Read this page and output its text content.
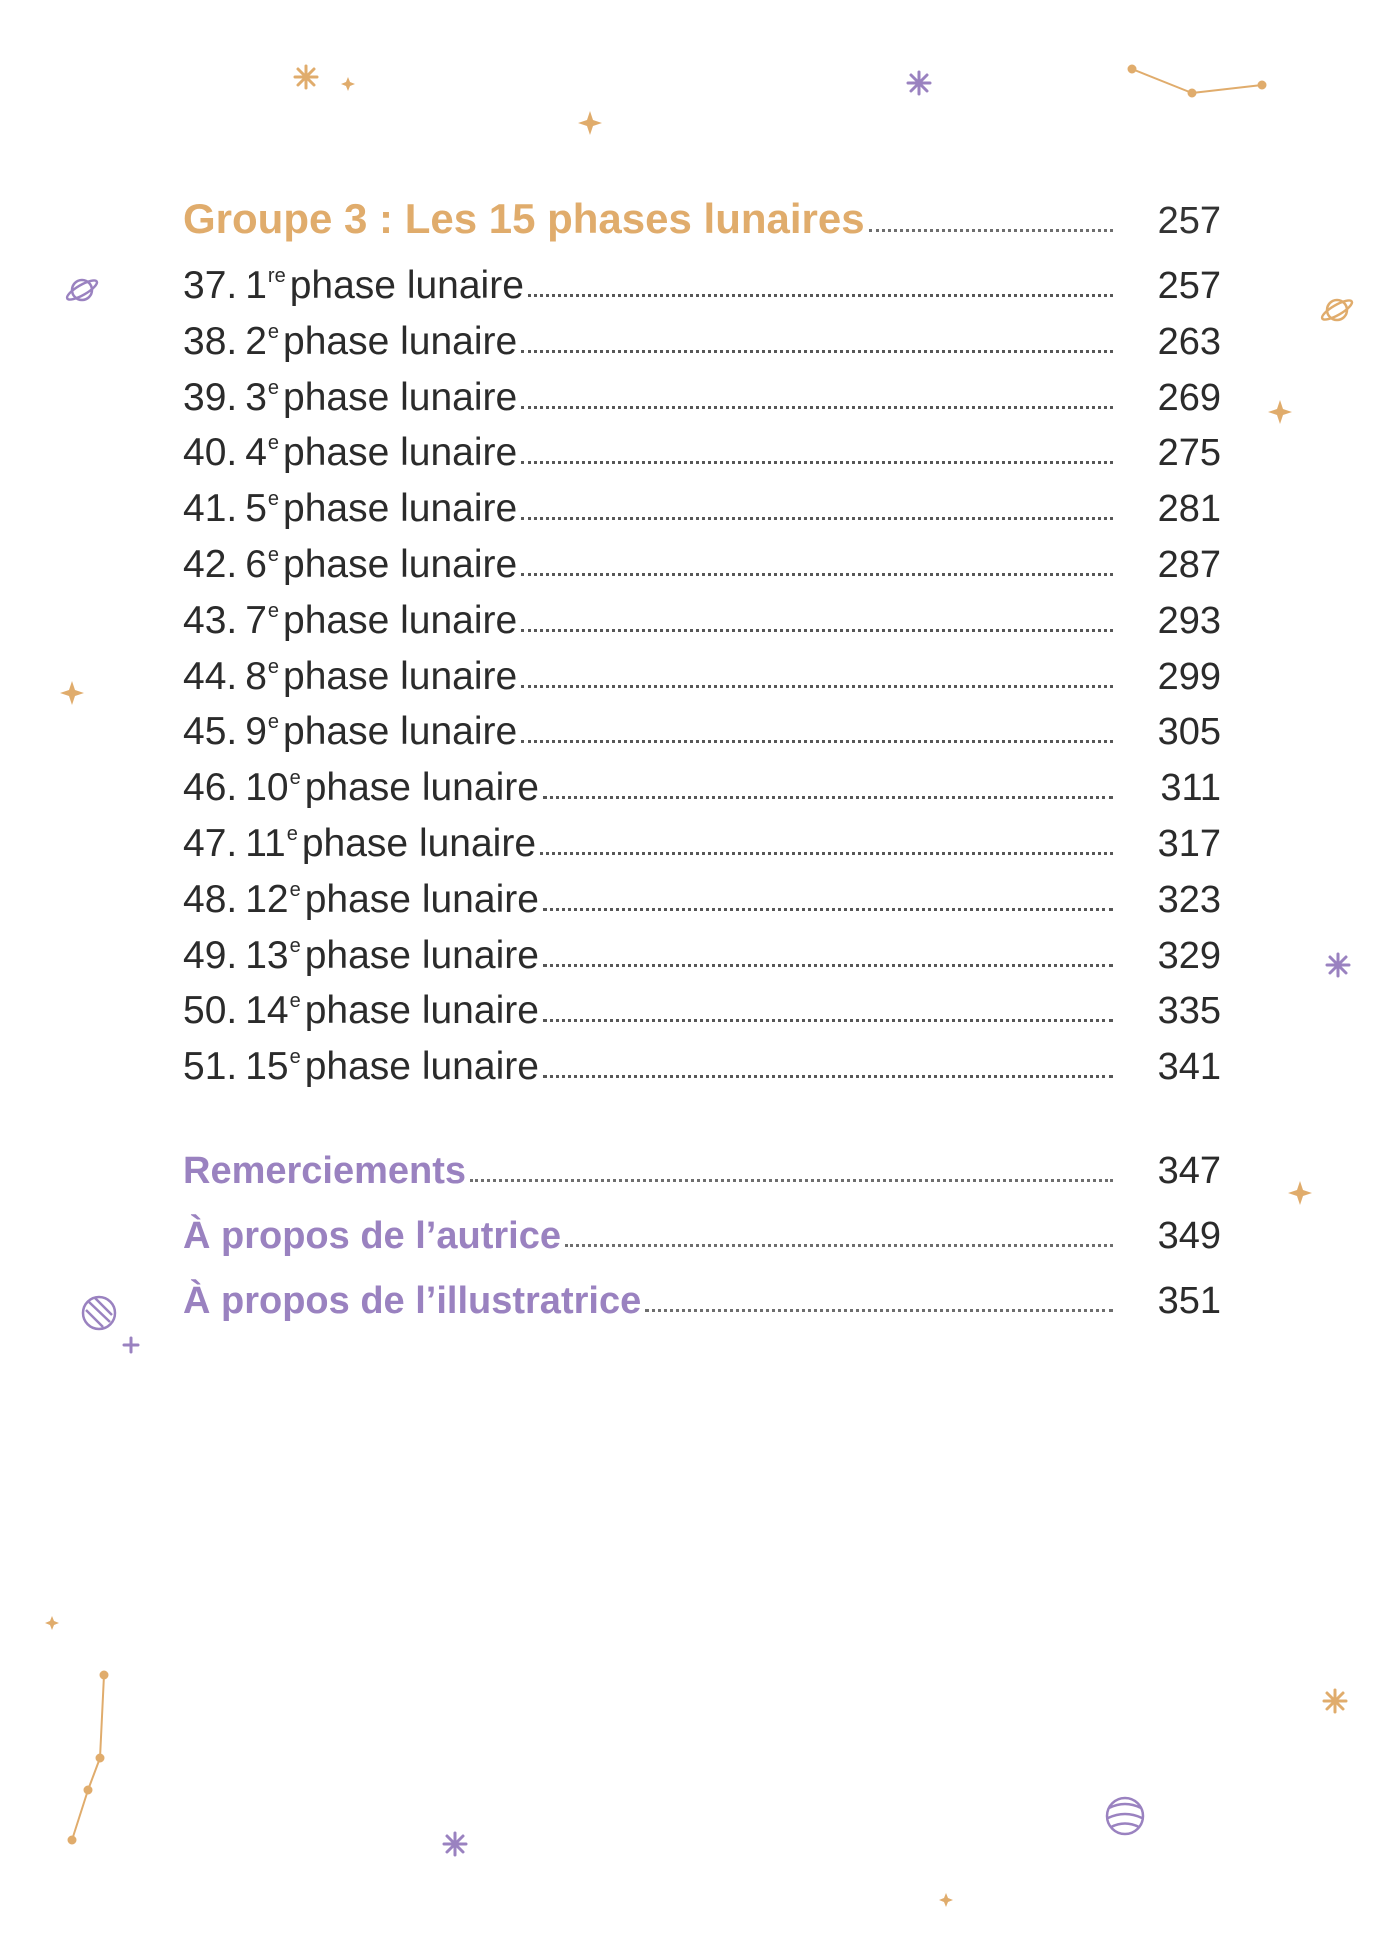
Groupe 3 : Les 15 phases lunaires	257
37. 1re phase lunaire	257
38. 2e phase lunaire	263
39. 3e phase lunaire	269
40. 4e phase lunaire	275
41. 5e phase lunaire	281
42. 6e phase lunaire	287
43. 7e phase lunaire	293
44. 8e phase lunaire	299
45. 9e phase lunaire	305
46. 10e phase lunaire	311
47. 11e phase lunaire	317
48. 12e phase lunaire	323
49. 13e phase lunaire	329
50. 14e phase lunaire	335
51. 15e phase lunaire	341
Remerciements	347
À propos de l’autrice	349
À propos de l’illustratrice	351
